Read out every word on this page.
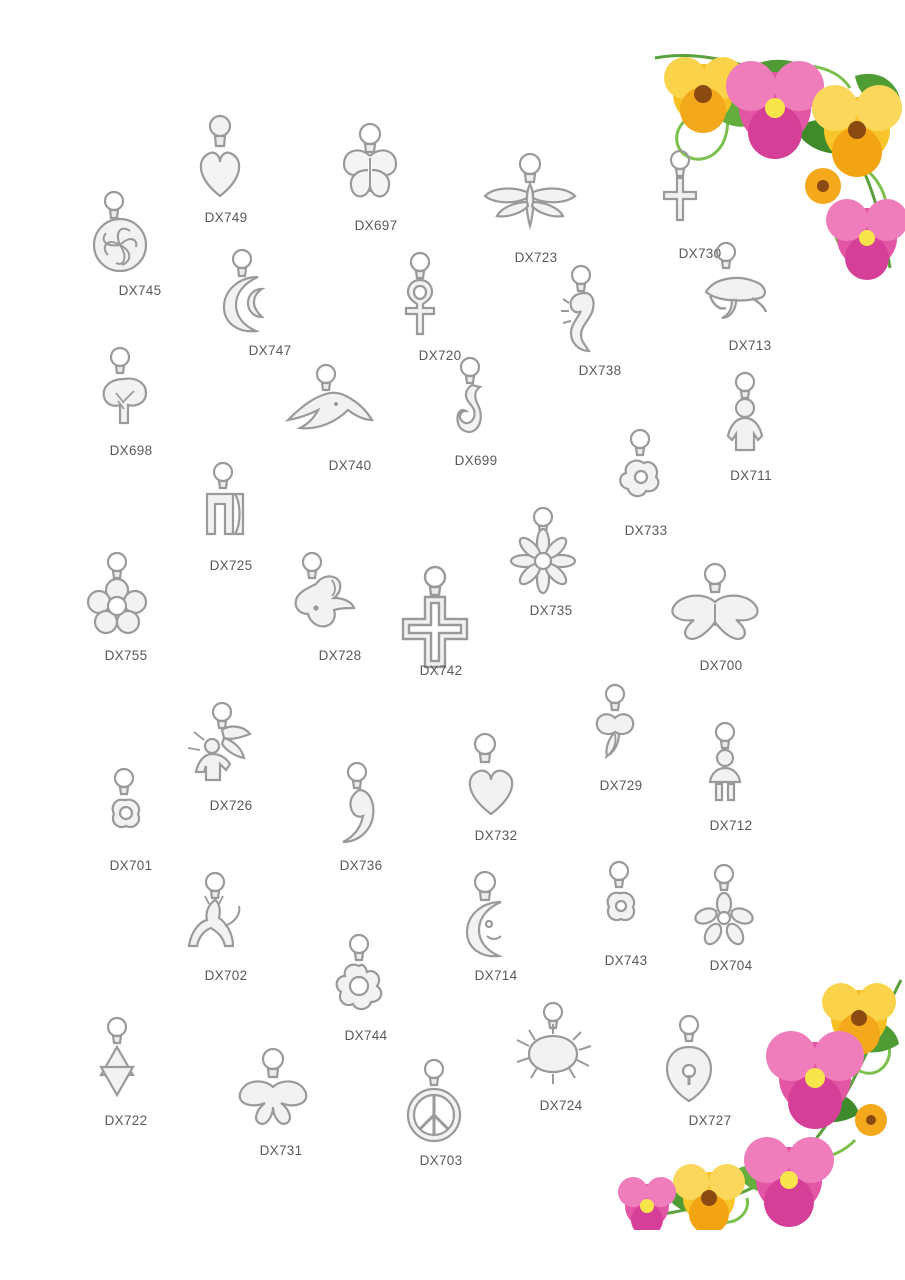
DX749
DX697
DX723	DX730
DX745
DX747	DX720
DX738
DX713
DX698
DX740	DX699
DX733
DX711
DX725
DX735
DX755	DX728
DX742	DX700
DX729
DX726
DX732
DX712
DX736
DX701
DX702	DX714
DX743	DX704
DX744
DX724
DX727
DX722
DX731
DX703
